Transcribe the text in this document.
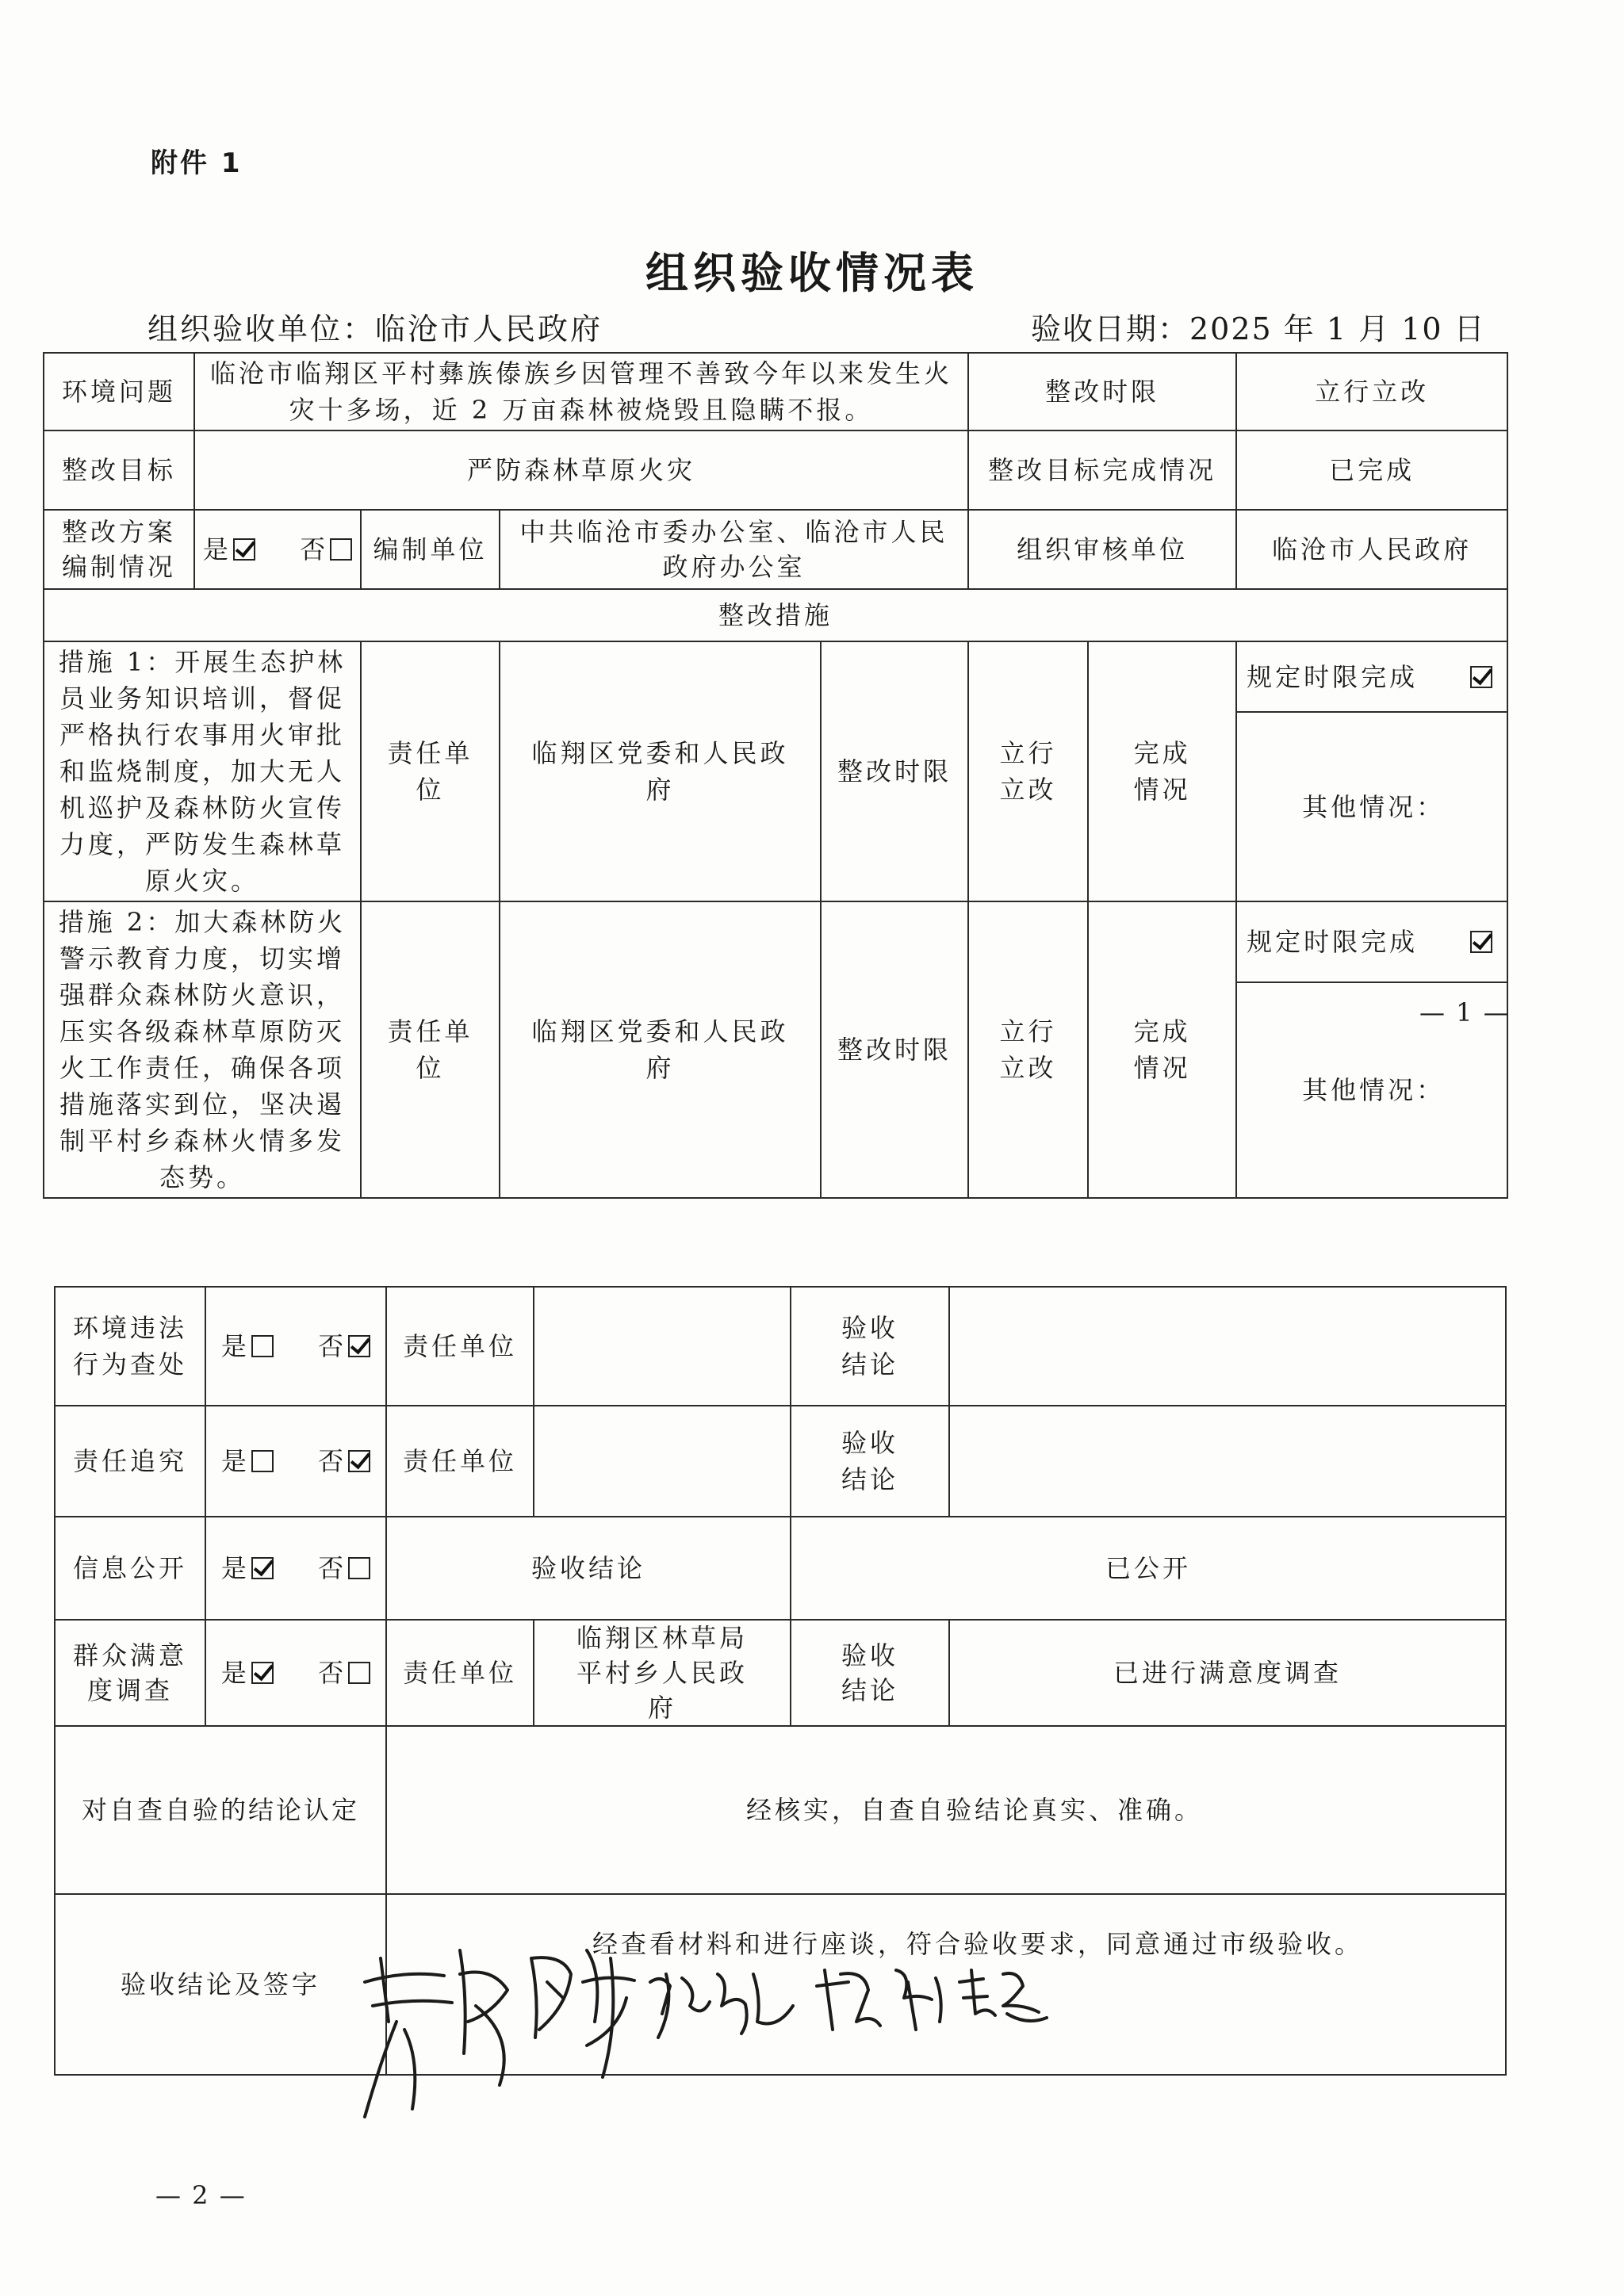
附件 1
组织验收情况表
组织验收单位：临沧市人民政府	验收日期：2025 年 1 月 10 日
环境问题	临沧市临翔区平村彝族傣族乡因管理不善致今年以来发生火灾十多场，近 2 万亩森林被烧毁且隐瞒不报。				整改时限		立行立改
整改目标	严防森林草原火灾				整改目标完成情况		已完成
整改方案编制情况	是 否	编制单位	中共临沧市委办公室、临沧市人民政府办公室		组织审核单位		临沧市人民政府
整改措施							
措施 1：开展生态护林员业务知识培训，督促严格执行农事用火审批和监烧制度，加大无人机巡护及森林防火宣传力度，严防发生森林草原火灾。		责任单位	临翔区党委和人民政府	整改时限	立行立改	完成情况	规定时限完成

							其他情况：
措施 2：加大森林防火警示教育力度，切实增强群众森林防火意识，压实各级森林草原防灭火工作责任，确保各项措施落实到位，坚决遏制平村乡森林火情多发态势。		责任单位	临翔区党委和人民政府	整改时限	立行立改	完成情况	规定时限完成

							其他情况：
— 1 —
环境违法行为查处	是 否	责任单位		验收结论	
责任追究	是 否	责任单位		验收结论	
信息公开	是 否	验收结论		已公开	
群众满意度调查	是 否	责任单位	临翔区林草局平村乡人民政府	验收结论	已进行满意度调查
对自查自验的结论认定		经核实，自查自验结论真实、准确。			
验收结论及签字		经查看材料和进行座谈，符合验收要求，同意通过市级验收。			
— 2 —
